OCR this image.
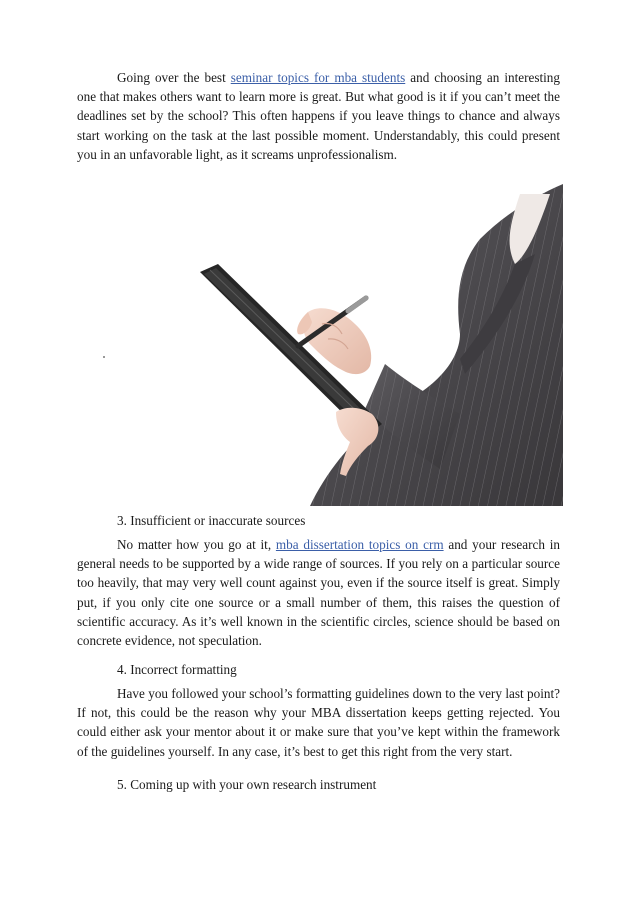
Going over the best seminar topics for mba students and choosing an interesting one that makes others want to learn more is great. But what good is it if you can’t meet the deadlines set by the school? This often happens if you leave things to chance and always start working on the task at the last possible moment. Understandably, this could present you in an unfavorable light, as it screams unprofessionalism.

3. Insufficient or inaccurate sources

No matter how you go at it, mba dissertation topics on crm and your research in general needs to be supported by a wide range of sources. If you rely on a particular source too heavily, that may very well count against you, even if the source itself is great. Simply put, if you only cite one source or a small number of them, this raises the question of scientific accuracy. As it’s well known in the scientific circles, science should be based on concrete evidence, not speculation.

4. Incorrect formatting

Have you followed your school’s formatting guidelines down to the very last point? If not, this could be the reason why your MBA dissertation keeps getting rejected. You could either ask your mentor about it or make sure that you’ve kept within the framework of the guidelines yourself. In any case, it’s best to get this right from the very start.

5. Coming up with your own research instrument
